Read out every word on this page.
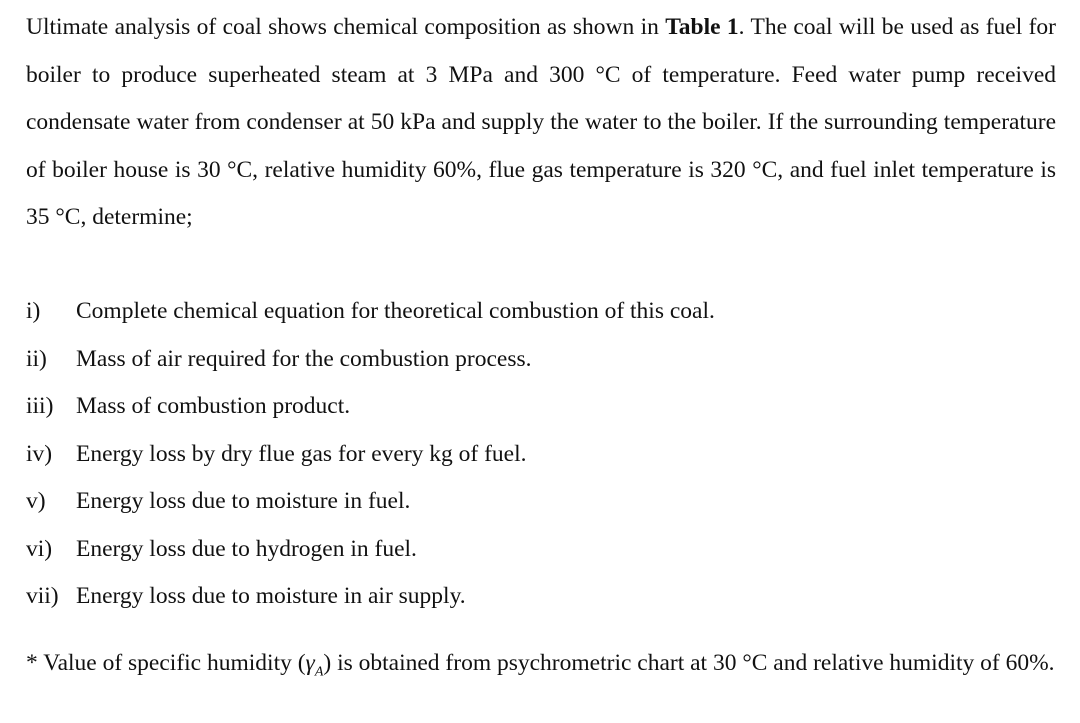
Ultimate analysis of coal shows chemical composition as shown in Table 1. The coal will be used as fuel for boiler to produce superheated steam at 3 MPa and 300 °C of temperature. Feed water pump received condensate water from condenser at 50 kPa and supply the water to the boiler. If the surrounding temperature of boiler house is 30 °C, relative humidity 60%, flue gas temperature is 320 °C, and fuel inlet temperature is 35 °C, determine;

i)	Complete chemical equation for theoretical combustion of this coal.
ii)	Mass of air required for the combustion process.
iii) Mass of combustion product.
iv)	Energy loss by dry flue gas for every kg of fuel.
v)	Energy loss due to moisture in fuel.
vi)	Energy loss due to hydrogen in fuel.
vii) Energy loss due to moisture in air supply.

* Value of specific humidity $(\gamma_A)$ is obtained from psychrometric chart at 30 °C and relative humidity of 60%.
